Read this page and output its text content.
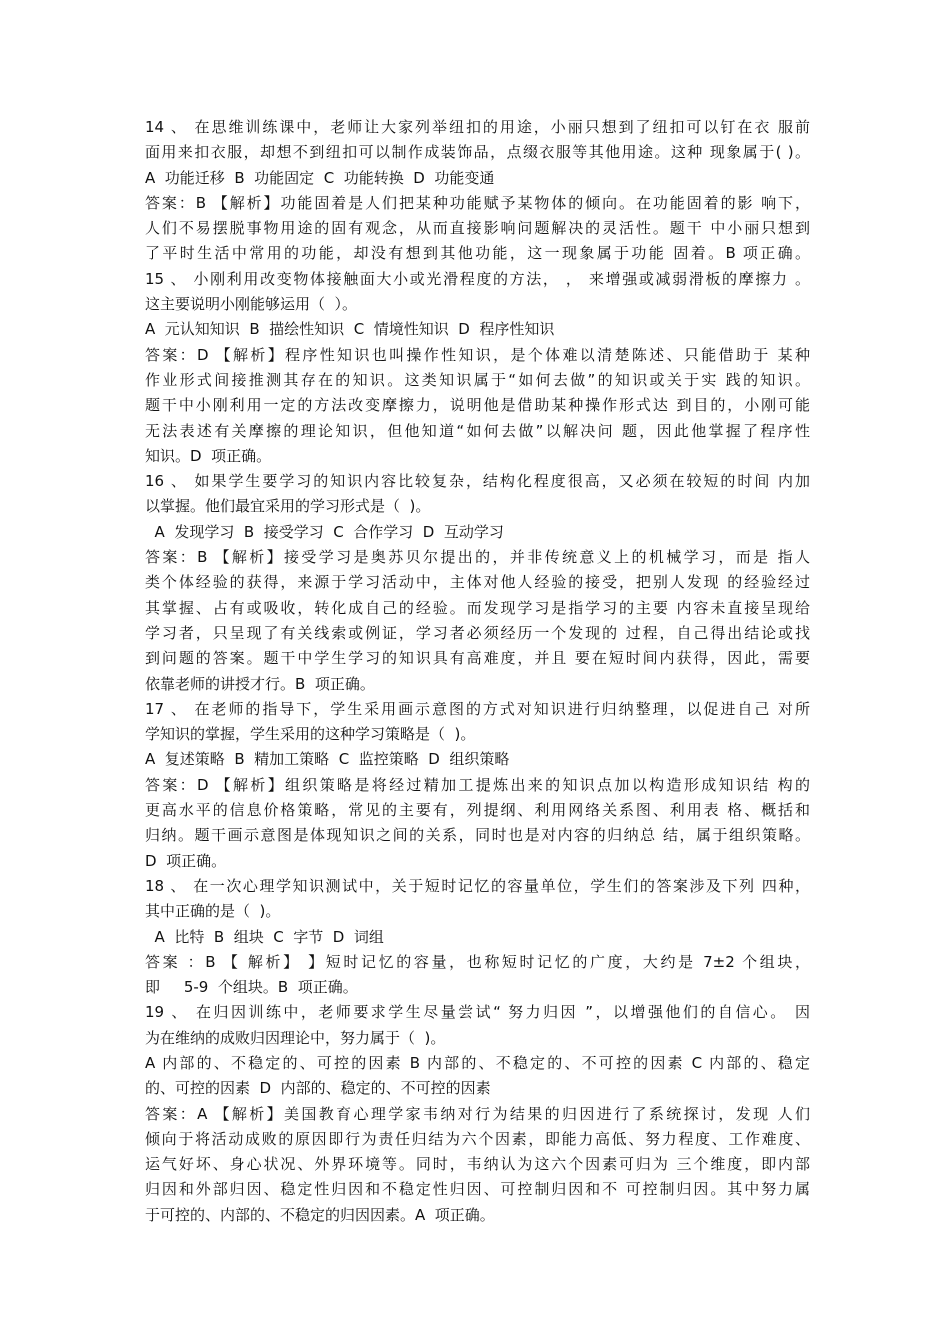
14 、 在思维训练课中，老师让大家列举纽扣的用途，小丽只想到了纽扣可以钉在衣 服前
面用来扣衣服，却想不到纽扣可以制作成装饰品，点缀衣服等其他用途。这种 现象属于( )。
A  功能迁移  B  功能固定  C  功能转换  D  功能变通
答案：B 【解析】功能固着是人们把某种功能赋予某物体的倾向。在功能固着的影 响下，
人们不易摆脱事物用途的固有观念，从而直接影响问题解决的灵活性。题干 中小丽只想到
了平时生活中常用的功能，却没有想到其他功能，这一现象属于功能 固着。B 项正确。
15 、 小刚利用改变物体接触面大小或光滑程度的方法， ， 来增强或减弱滑板的摩擦力 。
这主要说明小刚能够运用（  ）。
A  元认知知识  B  描绘性知识  C  情境性知识  D  程序性知识
答案：D 【解析】程序性知识也叫操作性知识，是个体难以清楚陈述、只能借助于 某种
作业形式间接推测其存在的知识。这类知识属于“如何去做”的知识或关于实 践的知识。
题干中小刚利用一定的方法改变摩擦力，说明他是借助某种操作形式达 到目的，小刚可能
无法表述有关摩擦的理论知识，但他知道“如何去做”以解决问 题，因此他掌握了程序性
知识。D  项正确。
16 、 如果学生要学习的知识内容比较复杂，结构化程度很高，又必须在较短的时间 内加
以掌握。他们最宜采用的学习形式是（  )。
A  发现学习  B  接受学习  C  合作学习  D  互动学习
答案：B 【解析】接受学习是奥苏贝尔提出的，并非传统意义上的机械学习，而是 指人
类个体经验的获得，来源于学习活动中，主体对他人经验的接受，把别人发现 的经验经过
其掌握、占有或吸收，转化成自己的经验。而发现学习是指学习的主要 内容未直接呈现给
学习者，只呈现了有关线索或例证，学习者必须经历一个发现的 过程，自己得出结论或找
到问题的答案。题干中学生学习的知识具有高难度，并且 要在短时间内获得，因此，需要
依靠老师的讲授才行。B  项正确。
17 、 在老师的指导下，学生采用画示意图的方式对知识进行归纳整理，以促进自己 对所
学知识的掌握，学生采用的这种学习策略是（  )。
A  复述策略  B  精加工策略  C  监控策略  D  组织策略
答案：D 【解析】组织策略是将经过精加工提炼出来的知识点加以构造形成知识结 构的
更高水平的信息价格策略，常见的主要有，列提纲、利用网络关系图、利用表 格、概括和
归纳。题干画示意图是体现知识之间的关系，同时也是对内容的归纳总 结，属于组织策略。
D  项正确。
18 、 在一次心理学知识测试中，关于短时记忆的容量单位，学生们的答案涉及下列 四种，
其中正确的是（  )。
A  比特  B  组块  C  字节  D  词组
答案 ：B 【 解析】 】短时记忆的容量，也称短时记忆的广度，大约是 7±2 个组块，
即     5-9  个组块。B  项正确。
19 、 在归因训练中，老师要求学生尽量尝试“ 努力归因 ”，以增强他们的自信心。 因
为在维纳的成败归因理论中，努力属于（  )。
A 内部的、不稳定的、可控的因素 B 内部的、不稳定的、不可控的因素 C 内部的、稳定
的、可控的因素  D  内部的、稳定的、不可控的因素
答案：A 【解析】美国教育心理学家韦纳对行为结果的归因进行了系统探讨，发现 人们
倾向于将活动成败的原因即行为责任归结为六个因素，即能力高低、努力程度、工作难度、
运气好坏、身心状况、外界环境等。同时，韦纳认为这六个因素可归为 三个维度，即内部
归因和外部归因、稳定性归因和不稳定性归因、可控制归因和不 可控制归因。其中努力属
于可控的、内部的、不稳定的归因因素。A  项正确。
